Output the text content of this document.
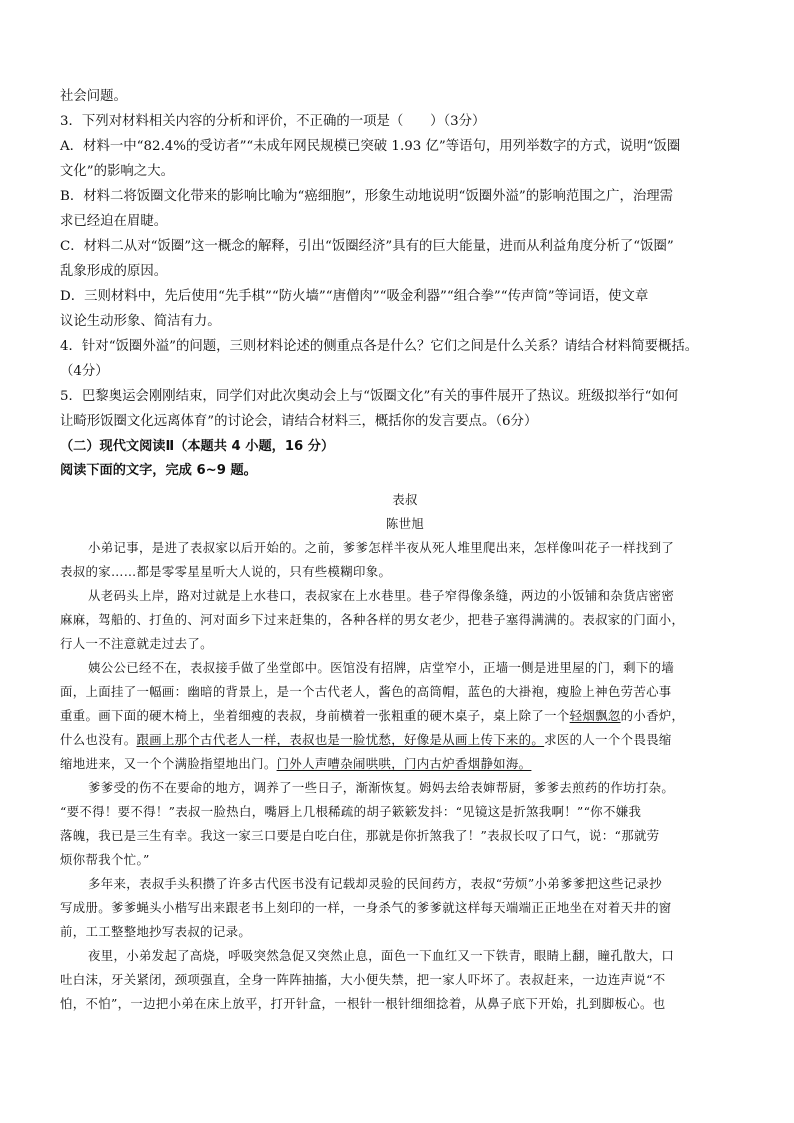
社会问题。
3．下列对材料相关内容的分析和评价，不正确的一项是（　　）（3分）
A．材料一中“82.4%的受访者”“未成年网民规模已突破 1.93 亿”等语句，用列举数字的方式，说明“饭圈
文化”的影响之大。
B．材料二将饭圈文化带来的影响比喻为“癌细胞”，形象生动地说明“饭圈外溢”的影响范围之广，治理需
求已经迫在眉睫。
C．材料二从对“饭圈”这一概念的解释，引出“饭圈经济”具有的巨大能量，进而从利益角度分析了“饭圈”
乱象形成的原因。
D．三则材料中，先后使用“先手棋”“防火墙”“唐僧肉”“吸金利器”“组合拳”“传声筒”等词语，使文章
议论生动形象、简洁有力。
4．针对“饭圈外溢”的问题，三则材料论述的侧重点各是什么？它们之间是什么关系？请结合材料简要概括。
（4分）
5．巴黎奥运会刚刚结束，同学们对此次奥动会上与“饭圈文化”有关的事件展开了热议。班级拟举行“如何
让畸形饭圈文化远离体育”的讨论会，请结合材料三，概括你的发言要点。（6分）
（二）现代文阅读Ⅱ（本题共 4 小题，16 分）
阅读下面的文字，完成 6~9 题。
表叔
陈世旭
小弟记事，是进了表叔家以后开始的。之前，爹爹怎样半夜从死人堆里爬出来，怎样像叫花子一样找到了
表叔的家……都是零零星星听大人说的，只有些模糊印象。
从老码头上岸，路对过就是上水巷口，表叔家在上水巷里。巷子窄得像条缝，两边的小饭铺和杂货店密密
麻麻，驾船的、打鱼的、河对面乡下过来赶集的，各种各样的男女老少，把巷子塞得满满的。表叔家的门面小，
行人一不注意就走过去了。
姨公公已经不在，表叔接手做了坐堂郎中。医馆没有招牌，店堂窄小，正墙一侧是进里屋的门，剩下的墙
面，上面挂了一幅画：幽暗的背景上，是一个古代老人，酱色的高筒帽，蓝色的大褂袍，瘦脸上神色劳苦心事
重重。画下面的硬木椅上，坐着细瘦的表叔，身前横着一张粗重的硬木桌子，桌上除了一个轻烟飘忽的小香炉，
什么也没有。跟画上那个古代老人一样，表叔也是一脸忧愁，好像是从画上传下来的。求医的人一个个畏畏缩
缩地进来，又一个个满脸指望地出门。门外人声嘈杂闹哄哄，门内古炉香烟静如海。
爹爹受的伤不在要命的地方，调养了一些日子，渐渐恢复。姆妈去给表婶帮厨，爹爹去煎药的作坊打杂。
“要不得！要不得！”表叔一脸热白，嘴唇上几根稀疏的胡子簌簌发抖：“见镜这是折煞我啊！”“你不嫌我
落魄，我已是三生有幸。我这一家三口要是白吃白住，那就是你折煞我了！”表叔长叹了口气，说：“那就劳
烦你帮我个忙。”
多年来，表叔手头积攒了许多古代医书没有记载却灵验的民间药方，表叔“劳烦”小弟爹爹把这些记录抄
写成册。爹爹蝇头小楷写出来跟老书上刻印的一样，一身杀气的爹爹就这样每天端端正正地坐在对着天井的窗
前，工工整整地抄写表叔的记录。
夜里，小弟发起了高烧，呼吸突然急促又突然止息，面色一下血红又一下铁青，眼睛上翻，瞳孔散大，口
吐白沫，牙关紧闭，颈项强直，全身一阵阵抽搐，大小便失禁，把一家人吓坏了。表叔赶来，一边连声说“不
怕，不怕”，一边把小弟在床上放平，打开针盒，一根针一根针细细捻着，从鼻子底下开始，扎到脚板心。也
